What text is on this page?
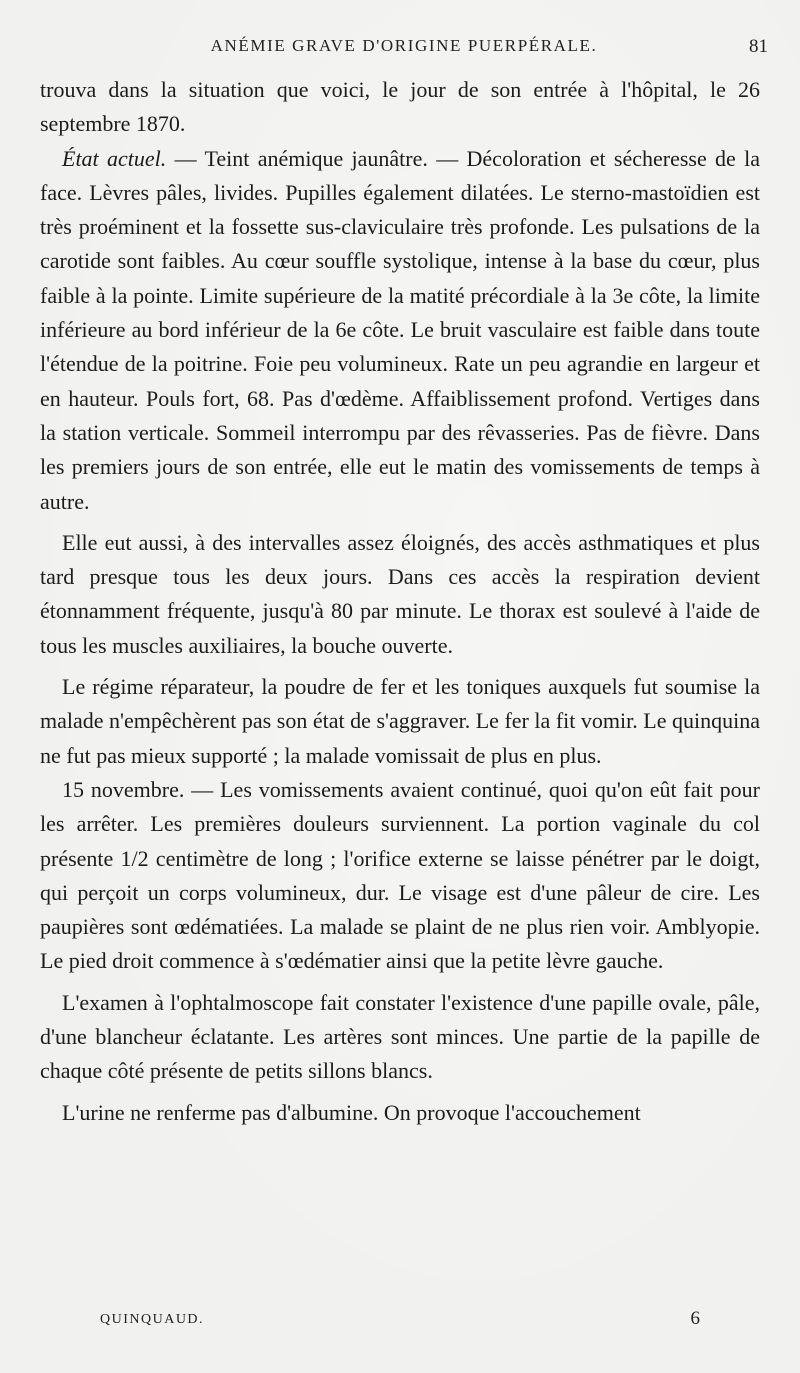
ANÉMIE GRAVE D'ORIGINE PUERPÉRALE.	81

trouva dans la situation que voici, le jour de son entrée à l'hôpital, le 26 septembre 1870.

État actuel. — Teint anémique jaunâtre. — Décoloration et sécheresse de la face. Lèvres pâles, livides. Pupilles également dilatées. Le sterno-mastoïdien est très proéminent et la fossette sus-claviculaire très profonde. Les pulsations de la carotide sont faibles. Au cœur souffle systolique, intense à la base du cœur, plus faible à la pointe. Limite supérieure de la matité précordiale à la 3e côte, la limite inférieure au bord inférieur de la 6e côte. Le bruit vasculaire est faible dans toute l'étendue de la poitrine. Foie peu volumineux. Rate un peu agrandie en largeur et en hauteur. Pouls fort, 68. Pas d'œdème. Affaiblissement profond. Vertiges dans la station verticale. Sommeil interrompu par des rêvasseries. Pas de fièvre. Dans les premiers jours de son entrée, elle eut le matin des vomissements de temps à autre.

Elle eut aussi, à des intervalles assez éloignés, des accès asthmatiques et plus tard presque tous les deux jours. Dans ces accès la respiration devient étonnamment fréquente, jusqu'à 80 par minute. Le thorax est soulevé à l'aide de tous les muscles auxiliaires, la bouche ouverte.

Le régime réparateur, la poudre de fer et les toniques auxquels fut soumise la malade n'empêchèrent pas son état de s'aggraver. Le fer la fit vomir. Le quinquina ne fut pas mieux supporté ; la malade vomissait de plus en plus.

15 novembre. — Les vomissements avaient continué, quoi qu'on eût fait pour les arrêter. Les premières douleurs surviennent. La portion vaginale du col présente 1/2 centimètre de long ; l'orifice externe se laisse pénétrer par le doigt, qui perçoit un corps volumineux, dur. Le visage est d'une pâleur de cire. Les paupières sont œdématiées. La malade se plaint de ne plus rien voir. Amblyopie. Le pied droit commence à s'œdématier ainsi que la petite lèvre gauche.

L'examen à l'ophtalmoscope fait constater l'existence d'une papille ovale, pâle, d'une blancheur éclatante. Les artères sont minces. Une partie de la papille de chaque côté présente de petits sillons blancs.

L'urine ne renferme pas d'albumine. On provoque l'accouchement

QUINQUAUD.	6
